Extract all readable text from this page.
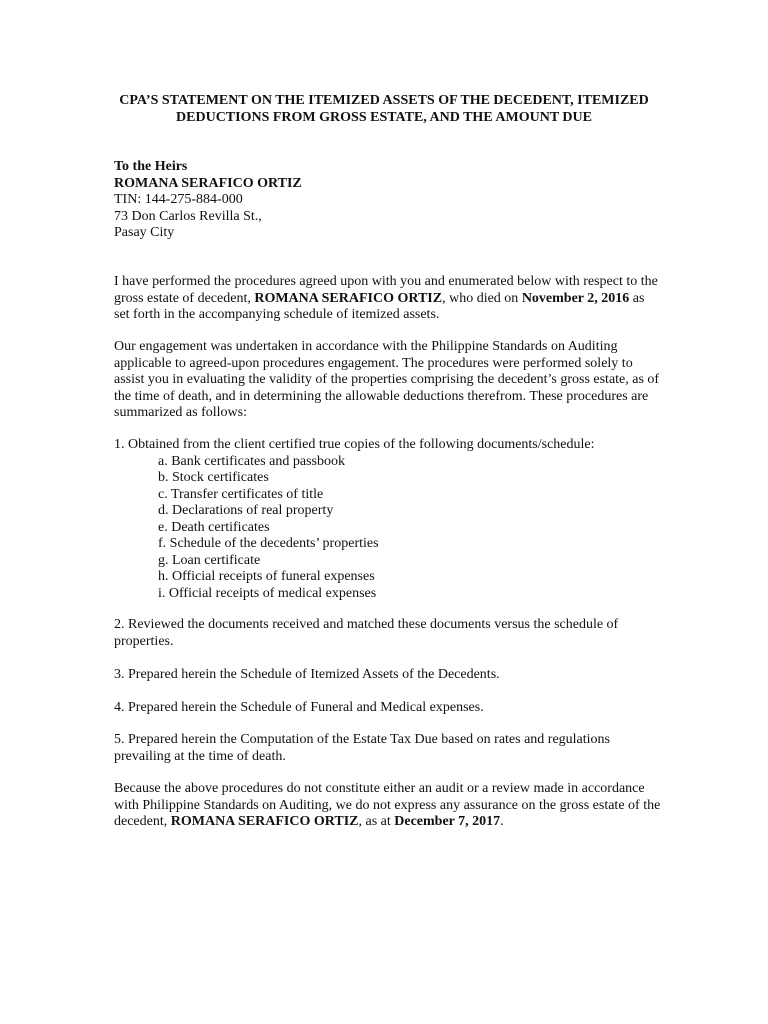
CPA’S STATEMENT ON THE ITEMIZED ASSETS OF THE DECEDENT, ITEMIZED
DEDUCTIONS FROM GROSS ESTATE, AND THE AMOUNT DUE
To the Heirs
ROMANA SERAFICO ORTIZ
TIN: 144-275-884-000
73 Don Carlos Revilla St.,
Pasay City
I have performed the procedures agreed upon with you and enumerated below with respect to the
gross estate of decedent, ROMANA SERAFICO ORTIZ, who died on November 2, 2016 as
set forth in the accompanying schedule of itemized assets.
Our engagement was undertaken in accordance with the Philippine Standards on Auditing
applicable to agreed-upon procedures engagement. The procedures were performed solely to
assist you in evaluating the validity of the properties comprising the decedent’s gross estate, as of
the time of death, and in determining the allowable deductions therefrom. These procedures are
summarized as follows:
1. Obtained from the client certified true copies of the following documents/schedule:
a. Bank certificates and passbook
b. Stock certificates
c. Transfer certificates of title
d. Declarations of real property
e. Death certificates
f. Schedule of the decedents’ properties
g. Loan certificate
h. Official receipts of funeral expenses
i. Official receipts of medical expenses
2. Reviewed the documents received and matched these documents versus the schedule of
properties.
3. Prepared herein the Schedule of Itemized Assets of the Decedents.
4. Prepared herein the Schedule of Funeral and Medical expenses.
5. Prepared herein the Computation of the Estate Tax Due based on rates and regulations
prevailing at the time of death.
Because the above procedures do not constitute either an audit or a review made in accordance
with Philippine Standards on Auditing, we do not express any assurance on the gross estate of the
decedent, ROMANA SERAFICO ORTIZ, as at December 7, 2017.
